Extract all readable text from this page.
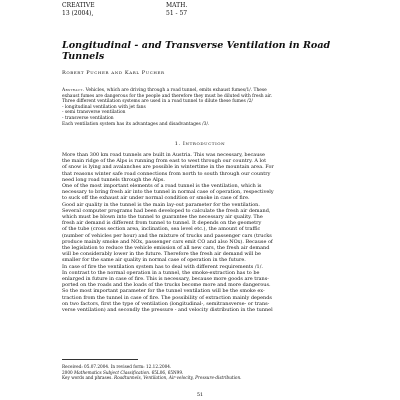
CREATIVE
13 (2004),
MATH.
51 - 57
Longitudinal - and Transverse Ventilation in Road
Tunnels
Robert Pucher and Karl Pucher
Abstract. Vehicles, which are driving through a road tunnel, emits exhaust fumes/1/. These
exhaust fumes are dangerous for the people and therefore they must be diluted with fresh air.
Three different ventilation systems are used in a road tunnel to dilute these fumes /2/
- longitudinal ventilation with jet fans
- semi transverse ventilation
- transverse ventilation
Each ventilation system has its advantages and disadvantages /3/.
1. Introduction
More than 300 km road tunnels are built in Austria. This was necessary, because
the main ridge of the Alps is running from east to west through our country. A lot
of snow is lying and avalanches are possible in wintertime in the mountain area. For
that reasons winter safe road connections from north to south through our country
need long road tunnels through the Alps.
One of the most important elements of a road tunnel is the ventilation, which is
necessary to bring fresh air into the tunnel in normal case of operation, respectively
to suck off the exhaust air under normal condition or smoke in case of fire.
Good air quality in the tunnel is the main lay-out parameter for the ventilation.
Several computer programs had been developed to calculate the fresh air demand,
which must be blown into the tunnel to guarantee the necessary air quality. The
fresh air demand is different from tunnel to tunnel. It depends on the geometry
of the tube (cross section area, inclination, sea level etc.), the amount of traffic
(number of vehicles per hour) and the mixture of trucks and passenger cars (trucks
produce mainly smoke and NOx, passenger cars emit CO and also NOx). Because of
the legislation to reduce the vehicle emission of all new cars, the fresh air demand
will be considerably lower in the future. Therefore the fresh air demand will be
smaller for the same air quality in normal case of operation in the future.
In case of fire the ventilation system has to deal with different requirements /1/.
In contrast to the normal operation in a tunnel, the smoke-extraction has to be
enlarged in future in case of fire. This is necessary, because more goods are trans-
ported on the roads and the loads of the trucks become more and more dangerous.
So the most important parameter for the tunnel ventilation will be the smoke ex-
traction from the tunnel in case of fire. The possibility of extraction mainly depends
on two factors, first the type of ventilation (longitudinal-, semitransverse- or trans-
verse ventilation) and secondly the pressure - and velocity distribution in the tunnel
Received: 05.07.2004. In revised form: 12.12.2004.
2000 Mathematics Subject Classification. 65L06, 65N99.
Key words and phrases. Roadtunnels, Ventilation, Air-velocity, Pressure-distribution.
51
